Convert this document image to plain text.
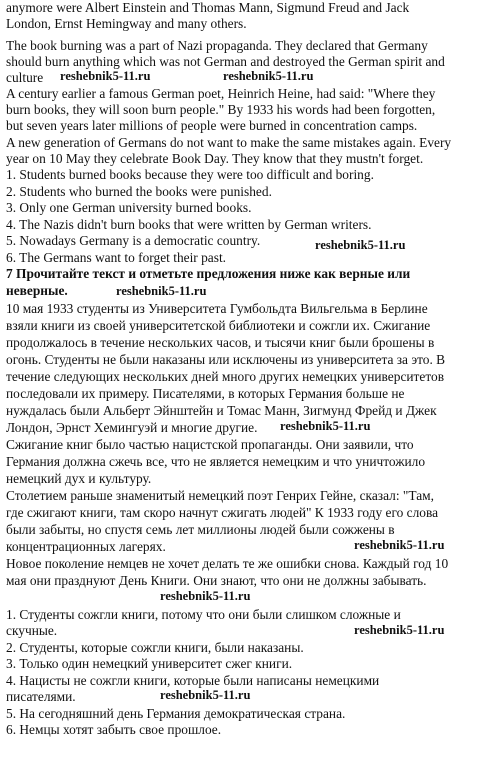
anymore were Albert Einstein and Thomas Mann, Sigmund Freud and Jack
London, Ernst Hemingway and many others.
The book burning was a part of Nazi propaganda. They declared that Germany
should burn anything which was not German and destroyed the German spirit and
culture
A century earlier a famous German poet, Heinrich Heine, had said: "Where they
burn books, they will soon burn people." By 1933 his words had been forgotten,
but seven years later millions of people were burned in concentration camps.
A new generation of Germans do not want to make the same mistakes again. Every
year on 10 May they celebrate Book Day. They know that they mustn't forget.
1. Students burned books because they were too difficult and boring.
2. Students who burned the books were punished.
3. Only one German university burned books.
4. The Nazis didn't burn books that were written by German writers.
5. Nowadays Germany is a democratic country.
6. The Germans want to forget their past.
7 Прочитайте текст и отметьте предложения ниже как верные или
неверные.
10 мая 1933 студенты из Университета Гумбольдта Вильгельма в Берлине
взяли книги из своей университетской библиотеки и сожгли их. Сжигание
продолжалось в течение нескольких часов, и тысячи книг были брошены в
огонь. Студенты не были наказаны или исключены из университета за это. В
течение следующих нескольких дней много других немецких университетов
последовали их примеру. Писателями, в которых Германия больше не
нуждалась были Альберт Эйнштейн и Томас Манн, Зигмунд Фрейд и Джек
Лондон, Эрнст Хемингуэй и многие другие.
Сжигание книг было частью нацистской пропаганды. Они заявили, что
Германия должна сжечь все, что не является немецким и что уничтожило
немецкий дух и культуру.
Столетием раньше знаменитый немецкий поэт Генрих Гейне, сказал: "Там,
где сжигают книги, там скоро начнут сжигать людей" К 1933 году его слова
были забыты, но спустя семь лет миллионы людей были сожжены в
концентрационных лагерях.
Новое поколение немцев не хочет делать те же ошибки снова. Каждый год 10
мая они празднуют День Книги. Они знают, что они не должны забывать.
1. Студенты сожгли книги, потому что они были слишком сложные и
скучные.
2. Студенты, которые сожгли книги, были наказаны.
3. Только один немецкий университет сжег книги.
4. Нацисты не сожгли книги, которые были написаны немецкими
писателями.
5. На сегодняшний день Германия демократическая страна.
6. Немцы хотят забыть свое прошлое.
reshebnik5-11.ru	reshebnik5-11.ru
reshebnik5-11.ru
reshebnik5-11.ru
reshebnik5-11.ru
reshebnik5-11.ru
reshebnik5-11.ru
reshebnik5-11.ru
reshebnik5-11.ru
